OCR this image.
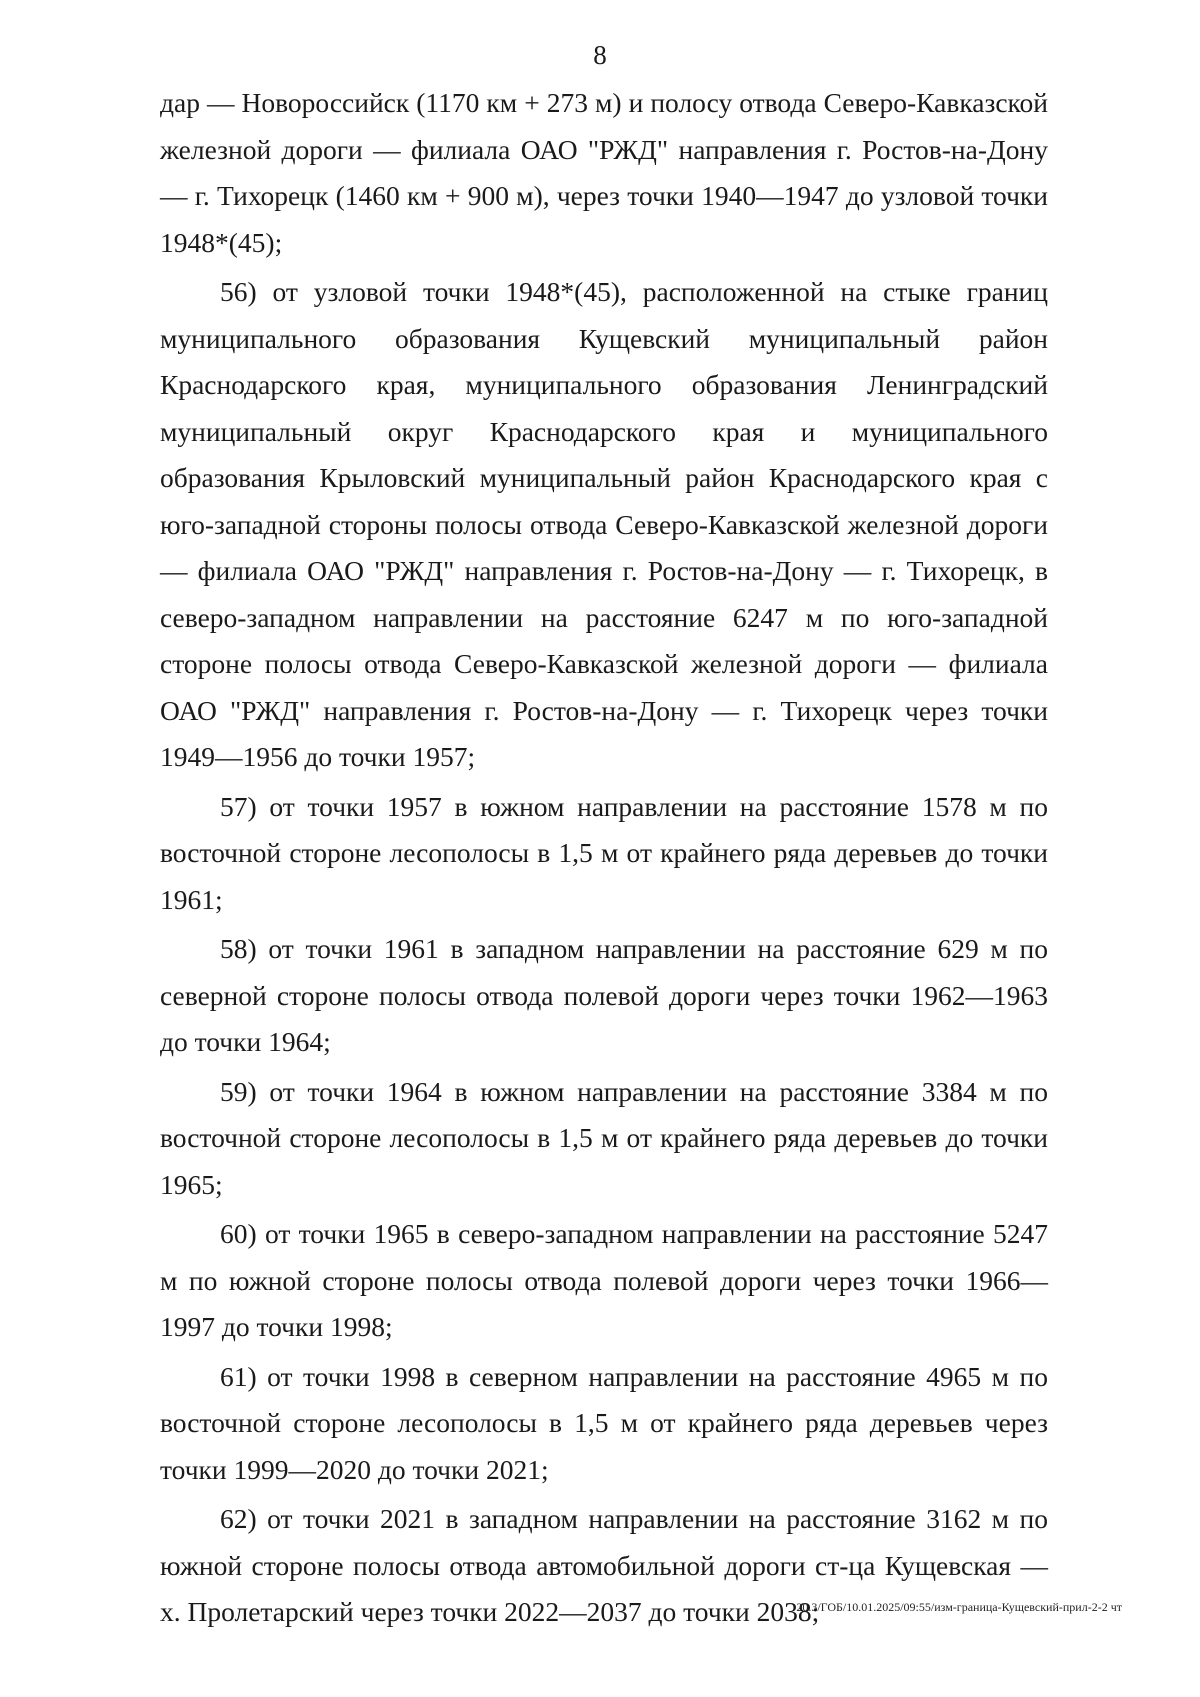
8

дар — Новороссийск (1170 км + 273 м) и полосу отвода Северо-Кавказской железной дороги — филиала ОАО "РЖД" направления г. Ростов-на-Дону — г. Тихорецк (1460 км + 900 м), через точки 1940—1947 до узловой точки 1948*(45);

56) от узловой точки 1948*(45), расположенной на стыке границ муниципального образования Кущевский муниципальный район Краснодарского края, муниципального образования Ленинградский муниципальный округ Краснодарского края и муниципального образования Крыловский муниципальный район Краснодарского края с юго-западной стороны полосы отвода Северо-Кавказской железной дороги — филиала ОАО "РЖД" направления г. Ростов-на-Дону — г. Тихорецк, в северо-западном направлении на расстояние 6247 м по юго-западной стороне полосы отвода Северо-Кавказской железной дороги — филиала ОАО "РЖД" направления г. Ростов-на-Дону — г. Тихорецк через точки 1949—1956 до точки 1957;

57) от точки 1957 в южном направлении на расстояние 1578 м по восточной стороне лесополосы в 1,5 м от крайнего ряда деревьев до точки 1961;

58) от точки 1961 в западном направлении на расстояние 629 м по северной стороне полосы отвода полевой дороги через точки 1962—1963 до точки 1964;

59) от точки 1964 в южном направлении на расстояние 3384 м по восточной стороне лесополосы в 1,5 м от крайнего ряда деревьев до точки 1965;

60) от точки 1965 в северо-западном направлении на расстояние 5247 м по южной стороне полосы отвода полевой дороги через точки 1966—1997 до точки 1998;

61) от точки 1998 в северном направлении на расстояние 4965 м по восточной стороне лесополосы в 1,5 м от крайнего ряда деревьев через точки 1999—2020 до точки 2021;

62) от точки 2021 в западном направлении на расстояние 3162 м по южной стороне полосы отвода автомобильной дороги ст-ца Кущевская — х. Пролетарский через точки 2022—2037 до точки 2038;

20.3/ГОБ/10.01.2025/09:55/изм-граница-Кущевский-прил-2-2 чт
